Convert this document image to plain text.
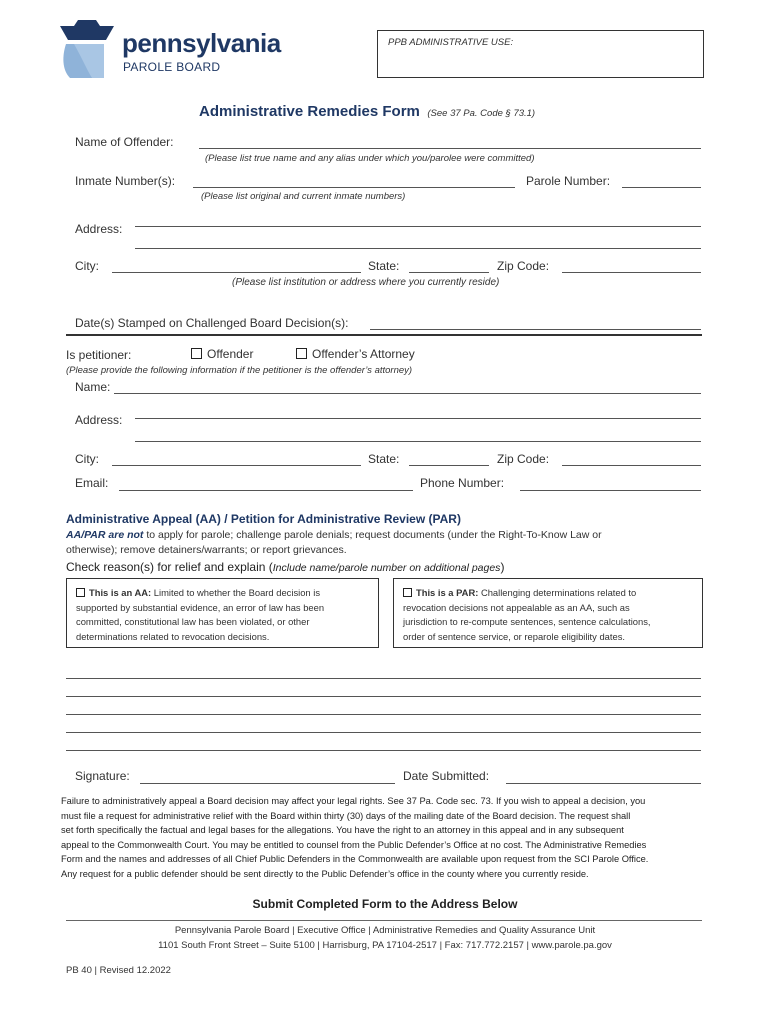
pennsylvania
PAROLE BOARD
PPB ADMINISTRATIVE USE:
Administrative Remedies Form (See 37 Pa. Code § 73.1)
Name of Offender:
(Please list true name and any alias under which you/parolee were committed)
Inmate Number(s):	Parole Number:
(Please list original and current inmate numbers)
Address:
City:	State:	Zip Code:
(Please list institution or address where you currently reside)
Date(s) Stamped on Challenged Board Decision(s):
Is petitioner:	Offender	Offender’s Attorney
(Please provide the following information if the petitioner is the offender’s attorney)
Name:
Address:
City:	State:	Zip Code:
Email:	Phone Number:
Administrative Appeal (AA) / Petition for Administrative Review (PAR)
AA/PAR are not to apply for parole; challenge parole denials; request documents (under the Right-To-Know Law or
otherwise); remove detainers/warrants; or report grievances.
Check reason(s) for relief and explain (Include name/parole number on additional pages)
This is an AA: Limited to whether the Board decision is
supported by substantial evidence, an error of law has been
committed, constitutional law has been violated, or other
determinations related to revocation decisions.
This is a PAR: Challenging determinations related to
revocation decisions not appealable as an AA, such as
jurisdiction to re-compute sentences, sentence calculations,
order of sentence service, or reparole eligibility dates.
Signature:	Date Submitted:
Failure to administratively appeal a Board decision may affect your legal rights. See 37 Pa. Code sec. 73. If you wish to appeal a decision, you
must file a request for administrative relief with the Board within thirty (30) days of the mailing date of the Board decision. The request shall
set forth specifically the factual and legal bases for the allegations. You have the right to an attorney in this appeal and in any subsequent
appeal to the Commonwealth Court. You may be entitled to counsel from the Public Defender’s Office at no cost. The Administrative Remedies
Form and the names and addresses of all Chief Public Defenders in the Commonwealth are available upon request from the SCI Parole Office.
Any request for a public defender should be sent directly to the Public Defender’s office in the county where you currently reside.
Submit Completed Form to the Address Below
Pennsylvania Parole Board | Executive Office | Administrative Remedies and Quality Assurance Unit
1101 South Front Street – Suite 5100 | Harrisburg, PA 17104-2517 | Fax: 717.772.2157 | www.parole.pa.gov
PB 40 | Revised 12.2022
